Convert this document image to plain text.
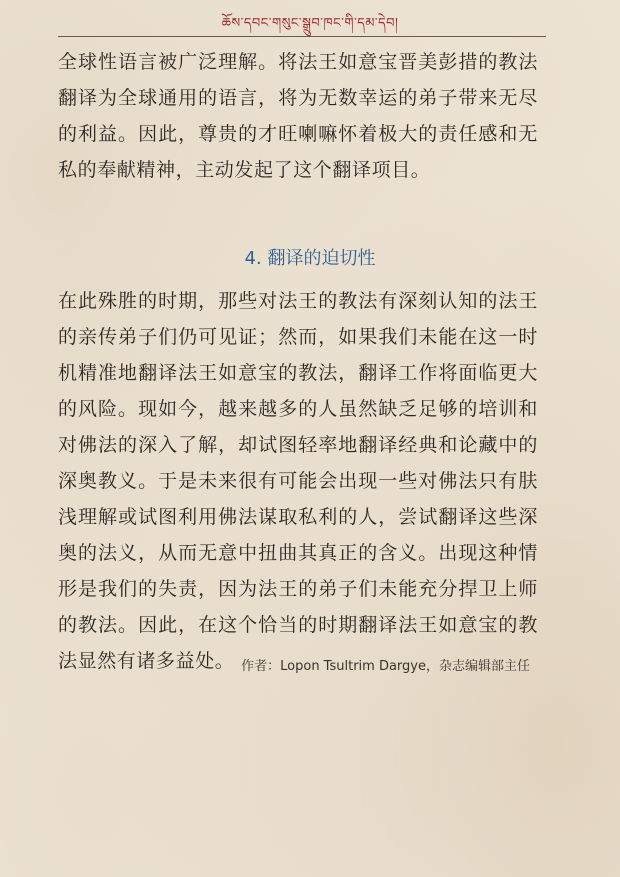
ཆོས་དབང་གསུང་སྒྲུབ་ཁང་གི་དམ་དེབ།
全球性语言被广泛理解。将法王如意宝晋美彭措的教法翻译为全球通用的语言，将为无数幸运的弟子带来无尽的利益。因此，尊贵的才旺喇嘛怀着极大的责任感和无私的奉献精神，主动发起了这个翻译项目。
4. 翻译的迫切性
在此殊胜的时期，那些对法王的教法有深刻认知的法王的亲传弟子们仍可见证；然而，如果我们未能在这一时机精准地翻译法王如意宝的教法，翻译工作将面临更大的风险。现如今，越来越多的人虽然缺乏足够的培训和对佛法的深入了解，却试图轻率地翻译经典和论藏中的深奥教义。于是未来很有可能会出现一些对佛法只有肤浅理解或试图利用佛法谋取私利的人，尝试翻译这些深奥的法义，从而无意中扭曲其真正的含义。出现这种情形是我们的失责，因为法王的弟子们未能充分捍卫上师的教法。因此，在这个恰当的时期翻译法王如意宝的教法显然有诸多益处。 作者：Lopon Tsultrim Dargye，杂志编辑部主任
